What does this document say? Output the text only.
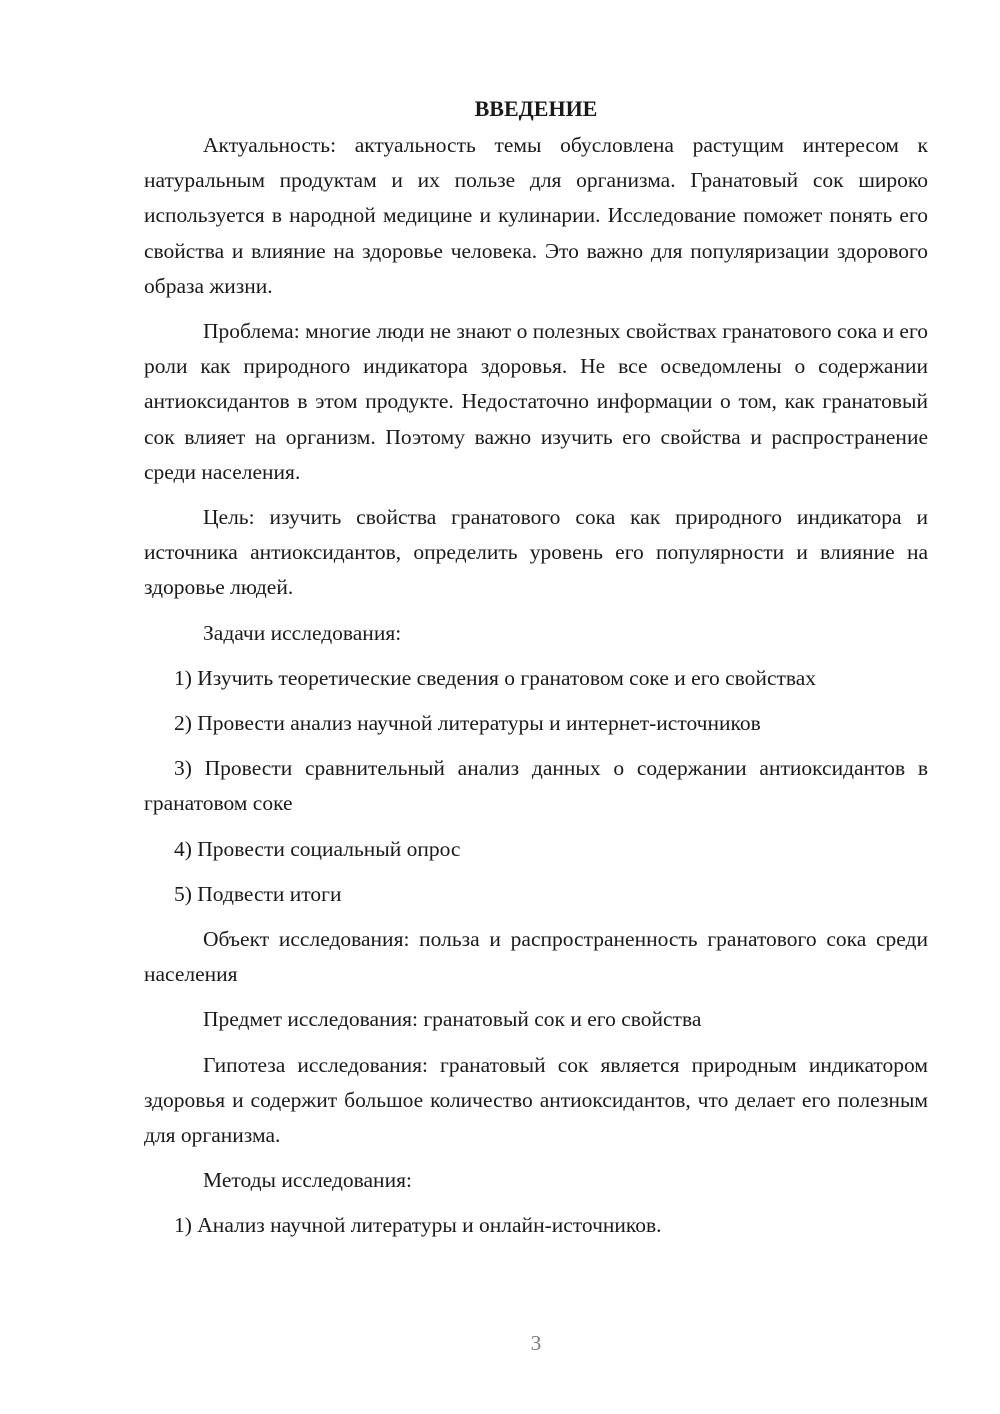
ВВЕДЕНИЕ

Актуальность: актуальность темы обусловлена растущим интересом к натуральным продуктам и их пользе для организма. Гранатовый сок широко используется в народной медицине и кулинарии. Исследование поможет понять его свойства и влияние на здоровье человека. Это важно для популяризации здорового образа жизни.

Проблема: многие люди не знают о полезных свойствах гранатового сока и его роли как природного индикатора здоровья. Не все осведомлены о содержании антиоксидантов в этом продукте. Недостаточно информации о том, как гранатовый сок влияет на организм. Поэтому важно изучить его свойства и распространение среди населения.

Цель: изучить свойства гранатового сока как природного индикатора и источника антиоксидантов, определить уровень его популярности и влияние на здоровье людей.

Задачи исследования:

1) Изучить теоретические сведения о гранатовом соке и его свойствах

2) Провести анализ научной литературы и интернет-источников

3) Провести сравнительный анализ данных о содержании антиоксидантов в гранатовом соке

4) Провести социальный опрос

5) Подвести итоги

Объект исследования: польза и распространенность гранатового сока среди населения

Предмет исследования: гранатовый сок и его свойства

Гипотеза исследования: гранатовый сок является природным индикатором здоровья и содержит большое количество антиоксидантов, что делает его полезным для организма.

Методы исследования:

1) Анализ научной литературы и онлайн-источников.

3
